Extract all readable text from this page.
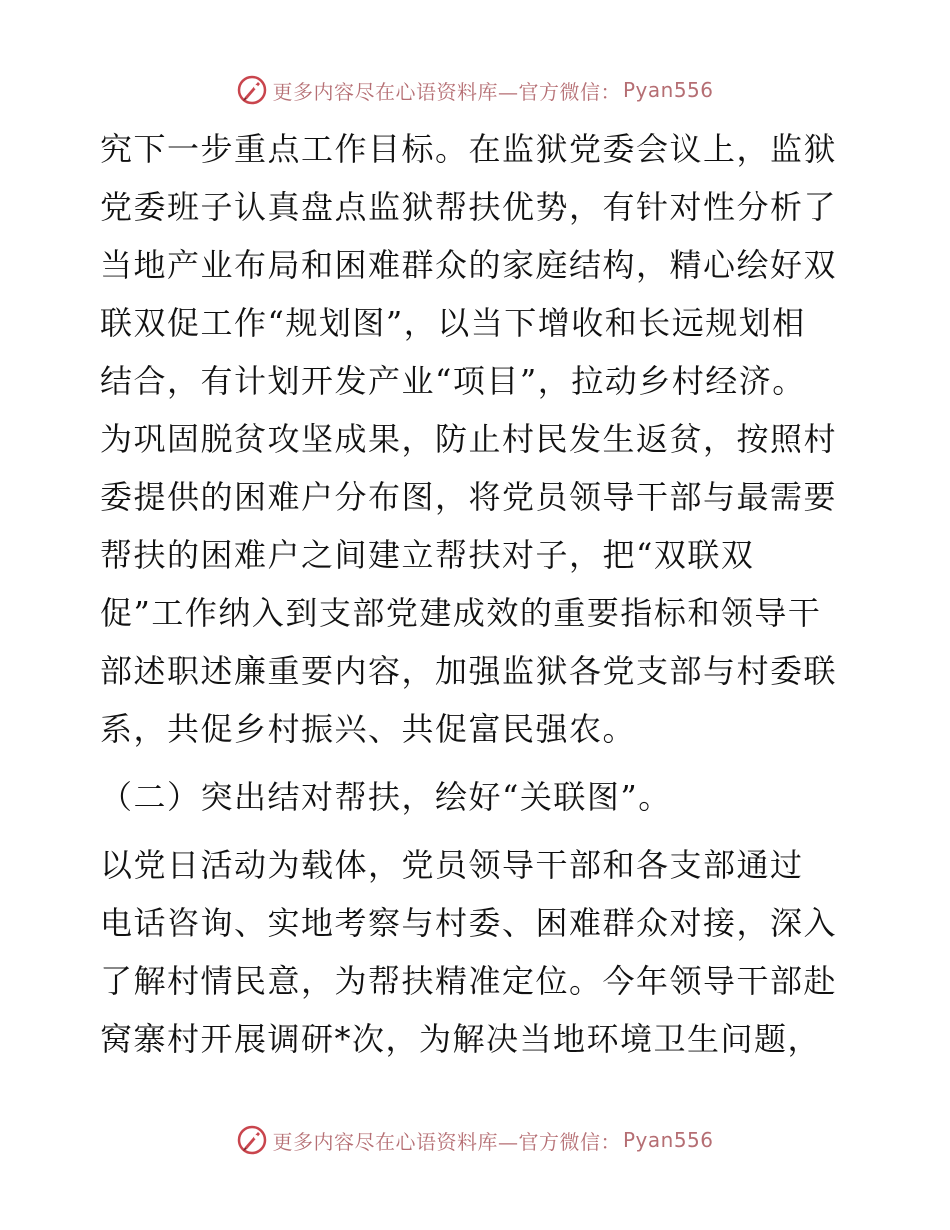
更多内容尽在心语资料库—官方微信： Pyan556
究下一步重点工作目标。在监狱党委会议上，监狱
党委班子认真盘点监狱帮扶优势，有针对性分析了
当地产业布局和困难群众的家庭结构，精心绘好双
联双促工作“规划图”，以当下增收和长远规划相
结合，有计划开发产业“项目”，拉动乡村经济。
为巩固脱贫攻坚成果，防止村民发生返贫，按照村
委提供的困难户分布图，将党员领导干部与最需要
帮扶的困难户之间建立帮扶对子，把“双联双
促”工作纳入到支部党建成效的重要指标和领导干
部述职述廉重要内容，加强监狱各党支部与村委联
系，共促乡村振兴、共促富民强农。
（二）突出结对帮扶，绘好“关联图”。
以党日活动为载体，党员领导干部和各支部通过
电话咨询、实地考察与村委、困难群众对接，深入
了解村情民意，为帮扶精准定位。今年领导干部赴
窝寨村开展调研*次，为解决当地环境卫生问题，
更多内容尽在心语资料库—官方微信： Pyan556
